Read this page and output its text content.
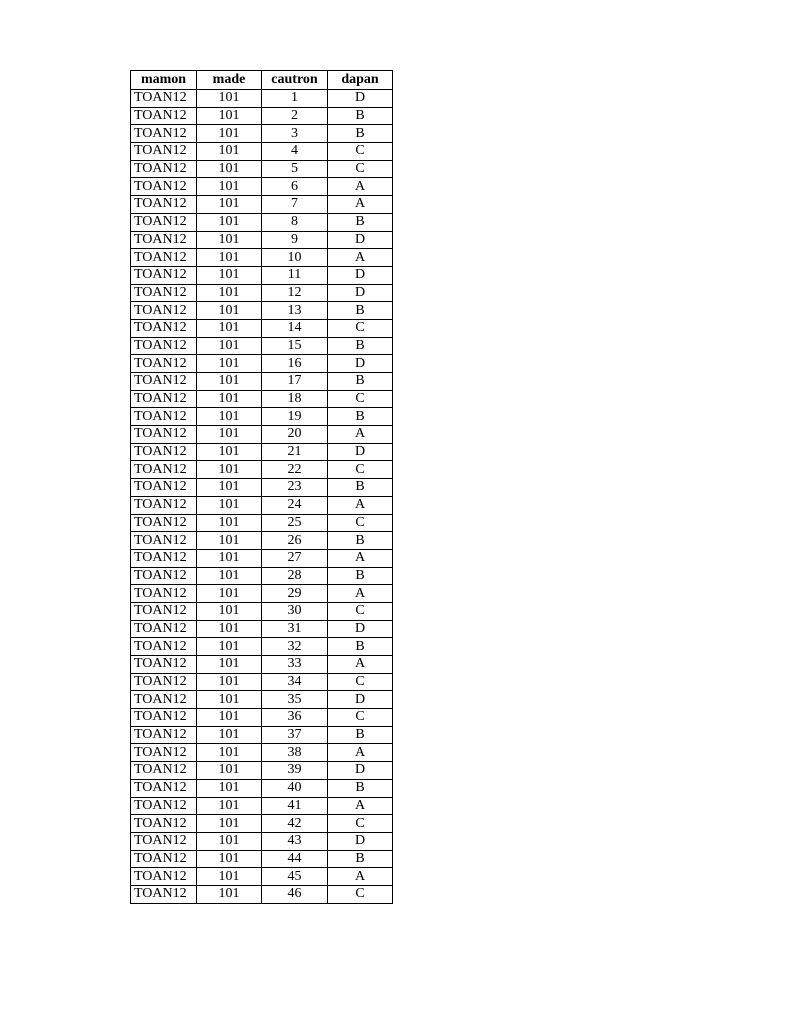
mamon	made	cautron	dapan
TOAN12	101	1	D
TOAN12	101	2	B
TOAN12	101	3	B
TOAN12	101	4	C
TOAN12	101	5	C
TOAN12	101	6	A
TOAN12	101	7	A
TOAN12	101	8	B
TOAN12	101	9	D
TOAN12	101	10	A
TOAN12	101	11	D
TOAN12	101	12	D
TOAN12	101	13	B
TOAN12	101	14	C
TOAN12	101	15	B
TOAN12	101	16	D
TOAN12	101	17	B
TOAN12	101	18	C
TOAN12	101	19	B
TOAN12	101	20	A
TOAN12	101	21	D
TOAN12	101	22	C
TOAN12	101	23	B
TOAN12	101	24	A
TOAN12	101	25	C
TOAN12	101	26	B
TOAN12	101	27	A
TOAN12	101	28	B
TOAN12	101	29	A
TOAN12	101	30	C
TOAN12	101	31	D
TOAN12	101	32	B
TOAN12	101	33	A
TOAN12	101	34	C
TOAN12	101	35	D
TOAN12	101	36	C
TOAN12	101	37	B
TOAN12	101	38	A
TOAN12	101	39	D
TOAN12	101	40	B
TOAN12	101	41	A
TOAN12	101	42	C
TOAN12	101	43	D
TOAN12	101	44	B
TOAN12	101	45	A
TOAN12	101	46	C
